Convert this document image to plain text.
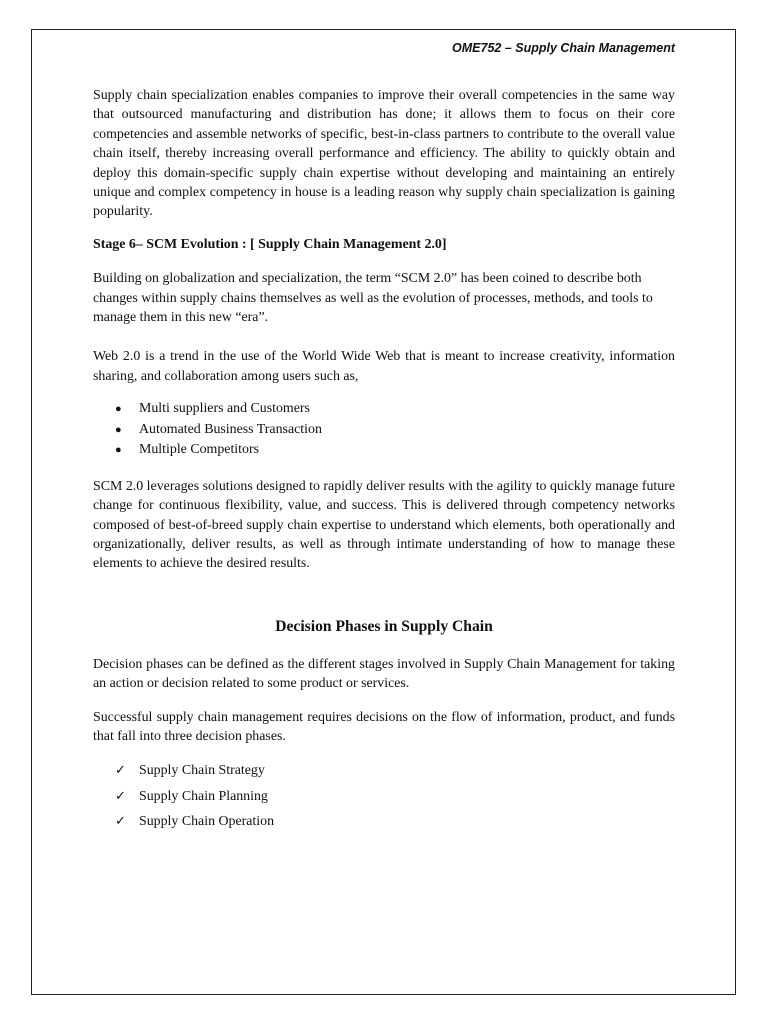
OME752 – Supply Chain Management

Supply chain specialization enables companies to improve their overall competencies in the same way that outsourced manufacturing and distribution has done; it allows them to focus on their core competencies and assemble networks of specific, best-in-class partners to contribute to the overall value chain itself, thereby increasing overall performance and efficiency. The ability to quickly obtain and deploy this domain-specific supply chain expertise without developing and maintaining an entirely unique and complex competency in house is a leading reason why supply chain specialization is gaining popularity.

Stage 6– SCM Evolution : [ Supply Chain Management 2.0]

Building on globalization and specialization, the term “SCM 2.0” has been coined to describe both changes within supply chains themselves as well as the evolution of processes, methods, and tools to manage them in this new “era”.

Web 2.0 is a trend in the use of the World Wide Web that is meant to increase creativity, information sharing, and collaboration among users such as,

● Multi suppliers and Customers
● Automated Business Transaction
● Multiple Competitors

SCM 2.0 leverages solutions designed to rapidly deliver results with the agility to quickly manage future change for continuous flexibility, value, and success. This is delivered through competency networks composed of best-of-breed supply chain expertise to understand which elements, both operationally and organizationally, deliver results, as well as through intimate understanding of how to manage these elements to achieve the desired results.

Decision Phases in Supply Chain

Decision phases can be defined as the different stages involved in Supply Chain Management for taking an action or decision related to some product or services.

Successful supply chain management requires decisions on the flow of information, product, and funds that fall into three decision phases.

✓ Supply Chain Strategy
✓ Supply Chain Planning
✓ Supply Chain Operation
